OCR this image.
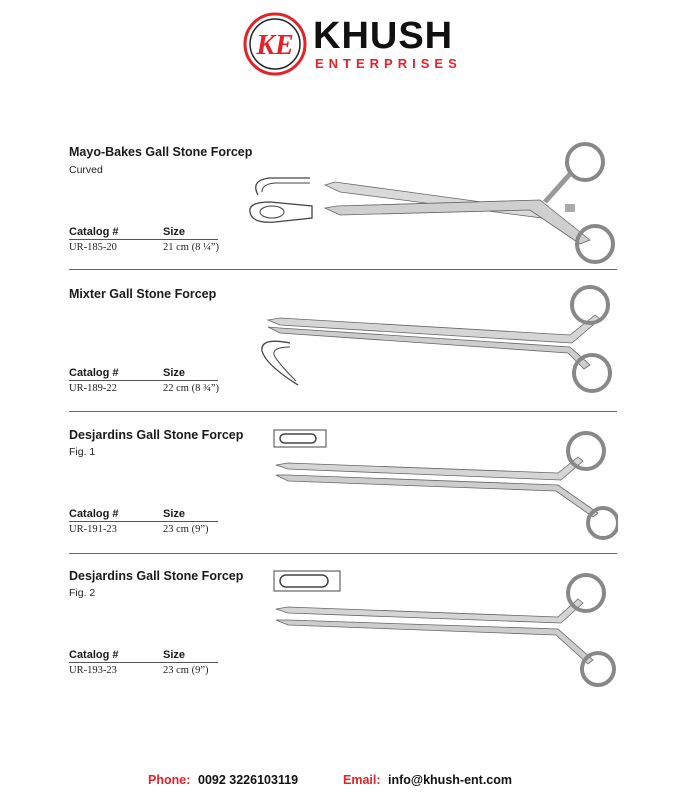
KE KHUSH
ENTERPRISES
Mayo-Bakes Gall Stone Forcep
Curved
Catalog #	Size
UR-185-20	21 cm (8 ¼”)
Mixter Gall Stone Forcep
Catalog #	Size
UR-189-22	22 cm (8 ¾”)
Desjardins Gall Stone Forcep
Fig. 1
Catalog #	Size
UR-191-23	23 cm (9”)
Desjardins Gall Stone Forcep
Fig. 2
Catalog #	Size
UR-193-23	23 cm (9”)
Phone: 0092 3226103119	Email: info@khush-ent.com
